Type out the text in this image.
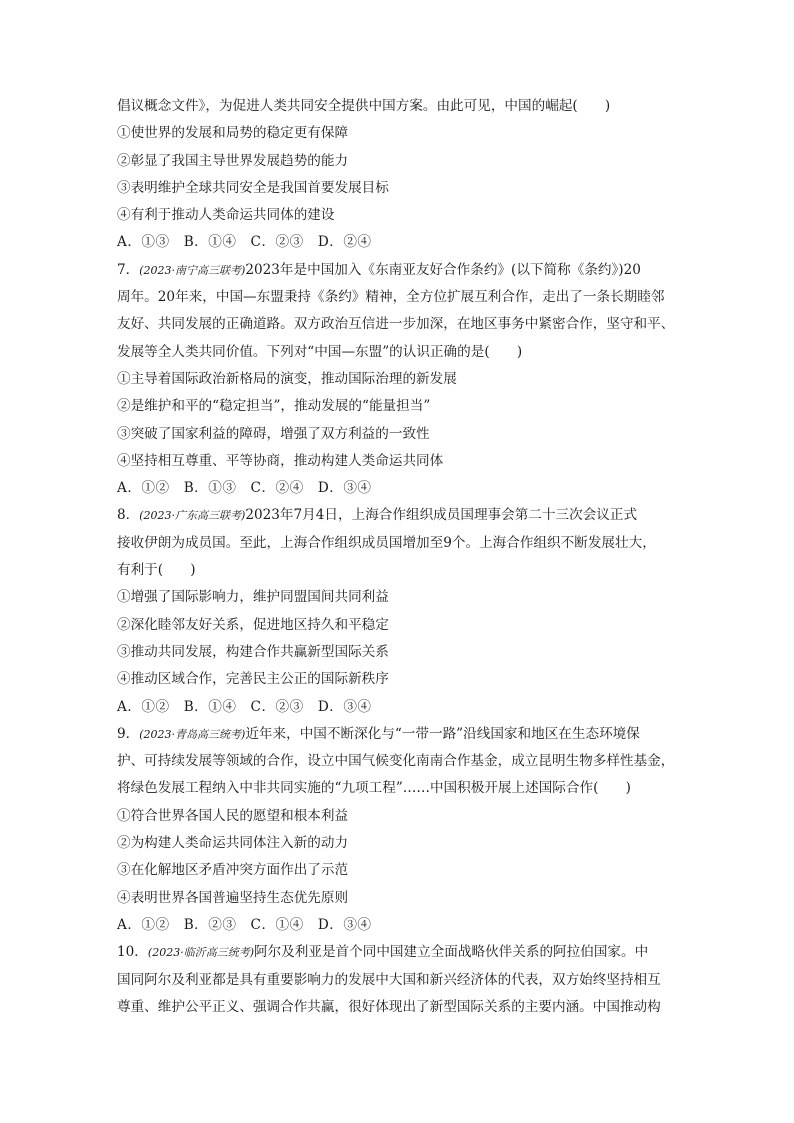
倡议概念文件》，为促进人类共同安全提供中国方案。由此可见，中国的崛起(　　)
①使世界的发展和局势的稳定更有保障
②彰显了我国主导世界发展趋势的能力
③表明维护全球共同安全是我国首要发展目标
④有利于推动人类命运共同体的建设
A．①③　B．①④　C．②③　D．②④
7．(2023·南宁高三联考)2023年是中国加入《东南亚友好合作条约》(以下简称《条约》)20
周年。20年来，中国—东盟秉持《条约》精神，全方位扩展互利合作，走出了一条长期睦邻
友好、共同发展的正确道路。双方政治互信进一步加深，在地区事务中紧密合作，坚守和平、
发展等全人类共同价值。下列对“中国—东盟”的认识正确的是(　　)
①主导着国际政治新格局的演变，推动国际治理的新发展
②是维护和平的“稳定担当”，推动发展的“能量担当”
③突破了国家利益的障碍，增强了双方利益的一致性
④坚持相互尊重、平等协商，推动构建人类命运共同体
A．①②　B．①③　C．②④　D．③④
8．(2023·广东高三联考)2023年7月4日，上海合作组织成员国理事会第二十三次会议正式
接收伊朗为成员国。至此，上海合作组织成员国增加至9个。上海合作组织不断发展壮大，
有利于(　　)
①增强了国际影响力，维护同盟国间共同利益
②深化睦邻友好关系，促进地区持久和平稳定
③推动共同发展，构建合作共赢新型国际关系
④推动区域合作，完善民主公正的国际新秩序
A．①②　B．①④　C．②③　D．③④
9．(2023·青岛高三统考)近年来，中国不断深化与“一带一路”沿线国家和地区在生态环境保
护、可持续发展等领域的合作，设立中国气候变化南南合作基金，成立昆明生物多样性基金，
将绿色发展工程纳入中非共同实施的“九项工程”……中国积极开展上述国际合作(　　)
①符合世界各国人民的愿望和根本利益
②为构建人类命运共同体注入新的动力
③在化解地区矛盾冲突方面作出了示范
④表明世界各国普遍坚持生态优先原则
A．①②　B．②③　C．①④　D．③④
10．(2023·临沂高三统考)阿尔及利亚是首个同中国建立全面战略伙伴关系的阿拉伯国家。中
国同阿尔及利亚都是具有重要影响力的发展中大国和新兴经济体的代表，双方始终坚持相互
尊重、维护公平正义、强调合作共赢，很好体现出了新型国际关系的主要内涵。中国推动构
